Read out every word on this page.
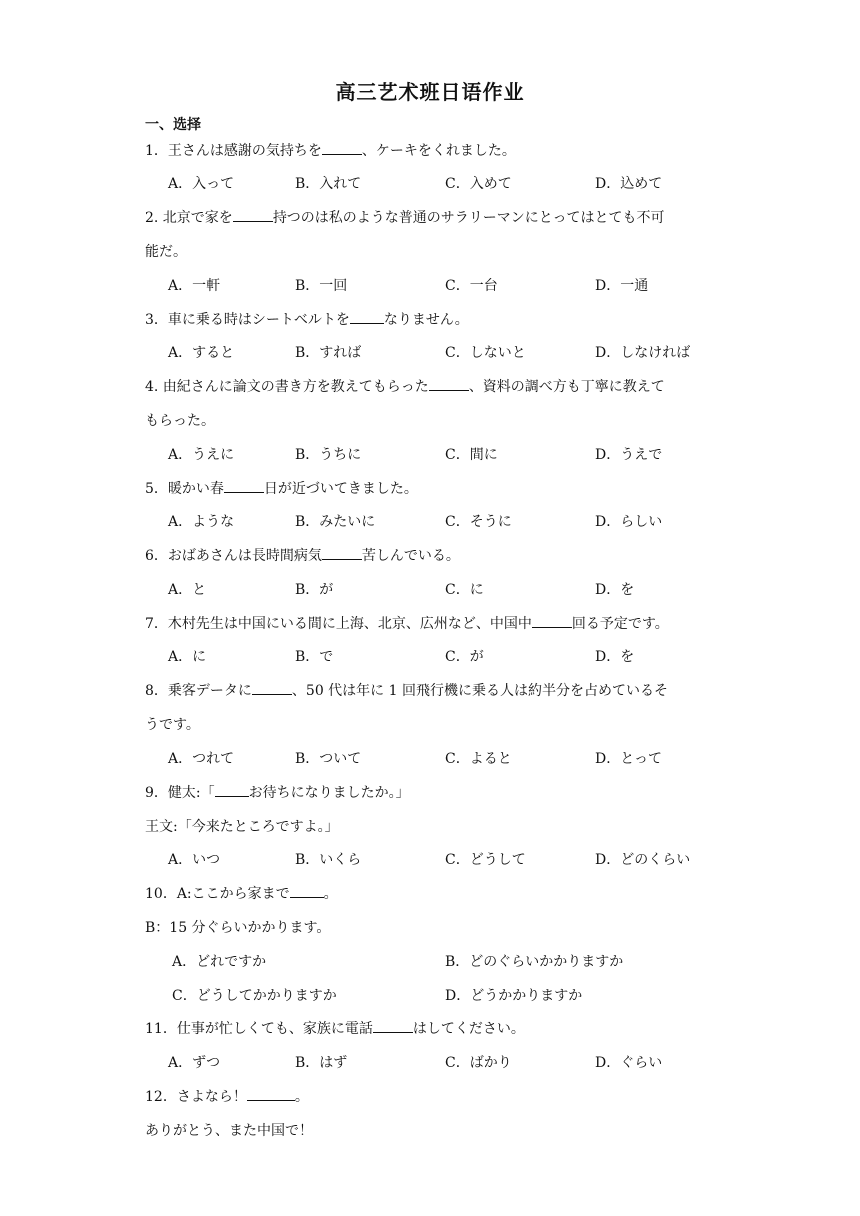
高三艺术班日语作业
一、选择
1．王さんは感謝の気持ちを	、ケーキをくれました。
A．入って	B．入れて	C．入めて	D．込めて
2. 北京で家を	持つのは私のような普通のサラリーマンにとってはとても不可
能だ。
A．一軒	B．一回	C．一台	D．一通
3．車に乗る時はシートベルトを なりません。
A．すると	B．すれば	C．しないと	D．しなければ
4. 由紀さんに論文の書き方を教えてもらった	、資料の調べ方も丁寧に教えて
もらった。
A．うえに	B．うちに	C．間に	D．うえで
5．暖かい春	日が近づいてきました。
A．ような	B．みたいに	C．そうに	D．らしい
6．おばあさんは長時間病気	苦しんでいる。
A．と	B．が	C．に	D．を
7．木村先生は中国にいる間に上海、北京、広州など、中国中	回る予定です。
A．に	B．で	C．が	D．を
8．乗客データに	、50 代は年に 1 回飛行機に乗る人は約半分を占めているそ
うです。
A．つれて	B．ついて	C．よると	D．とって
9．健太:「 お待ちになりましたか。」
王文:「今来たところですよ。」
A．いつ	B．いくら	C．どうして	D．どのくらい
10．A:ここから家まで 。
B：15 分ぐらいかかります。
A．どれですか	B．どのぐらいかかりますか
C．どうしてかかりますか	D．どうかかりますか
11．仕事が忙しくても、家族に電話	はしてください。
A．ずつ	B．はず	C．ばかり	D．ぐらい
12．さよなら！	。
ありがとう、また中国で！
